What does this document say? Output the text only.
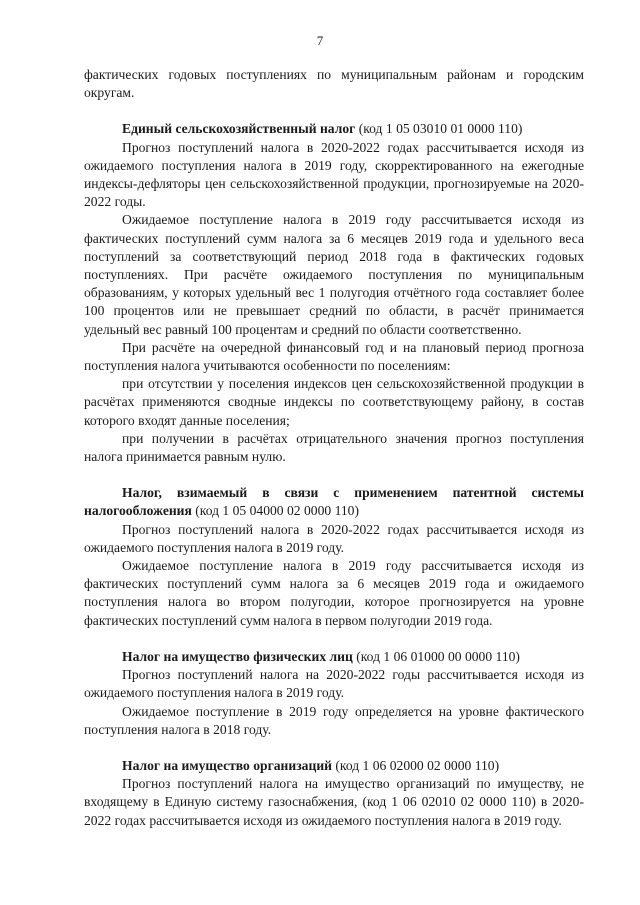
7

фактических годовых поступлениях по муниципальным районам и городским округам.

Единый сельскохозяйственный налог (код 1 05 03010 01 0000 110)

Прогноз поступлений налога в 2020-2022 годах рассчитывается исходя из ожидаемого поступления налога в 2019 году, скорректированного на ежегодные индексы-дефляторы цен сельскохозяйственной продукции, прогнозируемые на 2020-2022 годы.

Ожидаемое поступление налога в 2019 году рассчитывается исходя из фактических поступлений сумм налога за 6 месяцев 2019 года и удельного веса поступлений за соответствующий период 2018 года в фактических годовых поступлениях. При расчёте ожидаемого поступления по муниципальным образованиям, у которых удельный вес 1 полугодия отчётного года составляет более 100 процентов или не превышает средний по области, в расчёт принимается удельный вес равный 100 процентам и средний по области соответственно.

При расчёте на очередной финансовый год и на плановый период прогноза поступления налога учитываются особенности по поселениям:

при отсутствии у поселения индексов цен сельскохозяйственной продукции в расчётах применяются сводные индексы по соответствующему району, в состав которого входят данные поселения;

при получении в расчётах отрицательного значения прогноз поступления налога принимается равным нулю.

Налог, взимаемый в связи с применением патентной системы налогообложения (код 1 05 04000 02 0000 110)

Прогноз поступлений налога в 2020-2022 годах рассчитывается исходя из ожидаемого поступления налога в 2019 году.

Ожидаемое поступление налога в 2019 году рассчитывается исходя из фактических поступлений сумм налога за 6 месяцев 2019 года и ожидаемого поступления налога во втором полугодии, которое прогнозируется на уровне фактических поступлений сумм налога в первом полугодии 2019 года.

Налог на имущество физических лиц (код 1 06 01000 00 0000 110)

Прогноз поступлений налога на 2020-2022 годы рассчитывается исходя из ожидаемого поступления налога в 2019 году.

Ожидаемое поступление в 2019 году определяется на уровне фактического поступления налога в 2018 году.

Налог на имущество организаций (код 1 06 02000 02 0000 110)

Прогноз поступлений налога на имущество организаций по имуществу, не входящему в Единую систему газоснабжения, (код 1 06 02010 02 0000 110) в 2020-2022 годах рассчитывается исходя из ожидаемого поступления налога в 2019 году.
